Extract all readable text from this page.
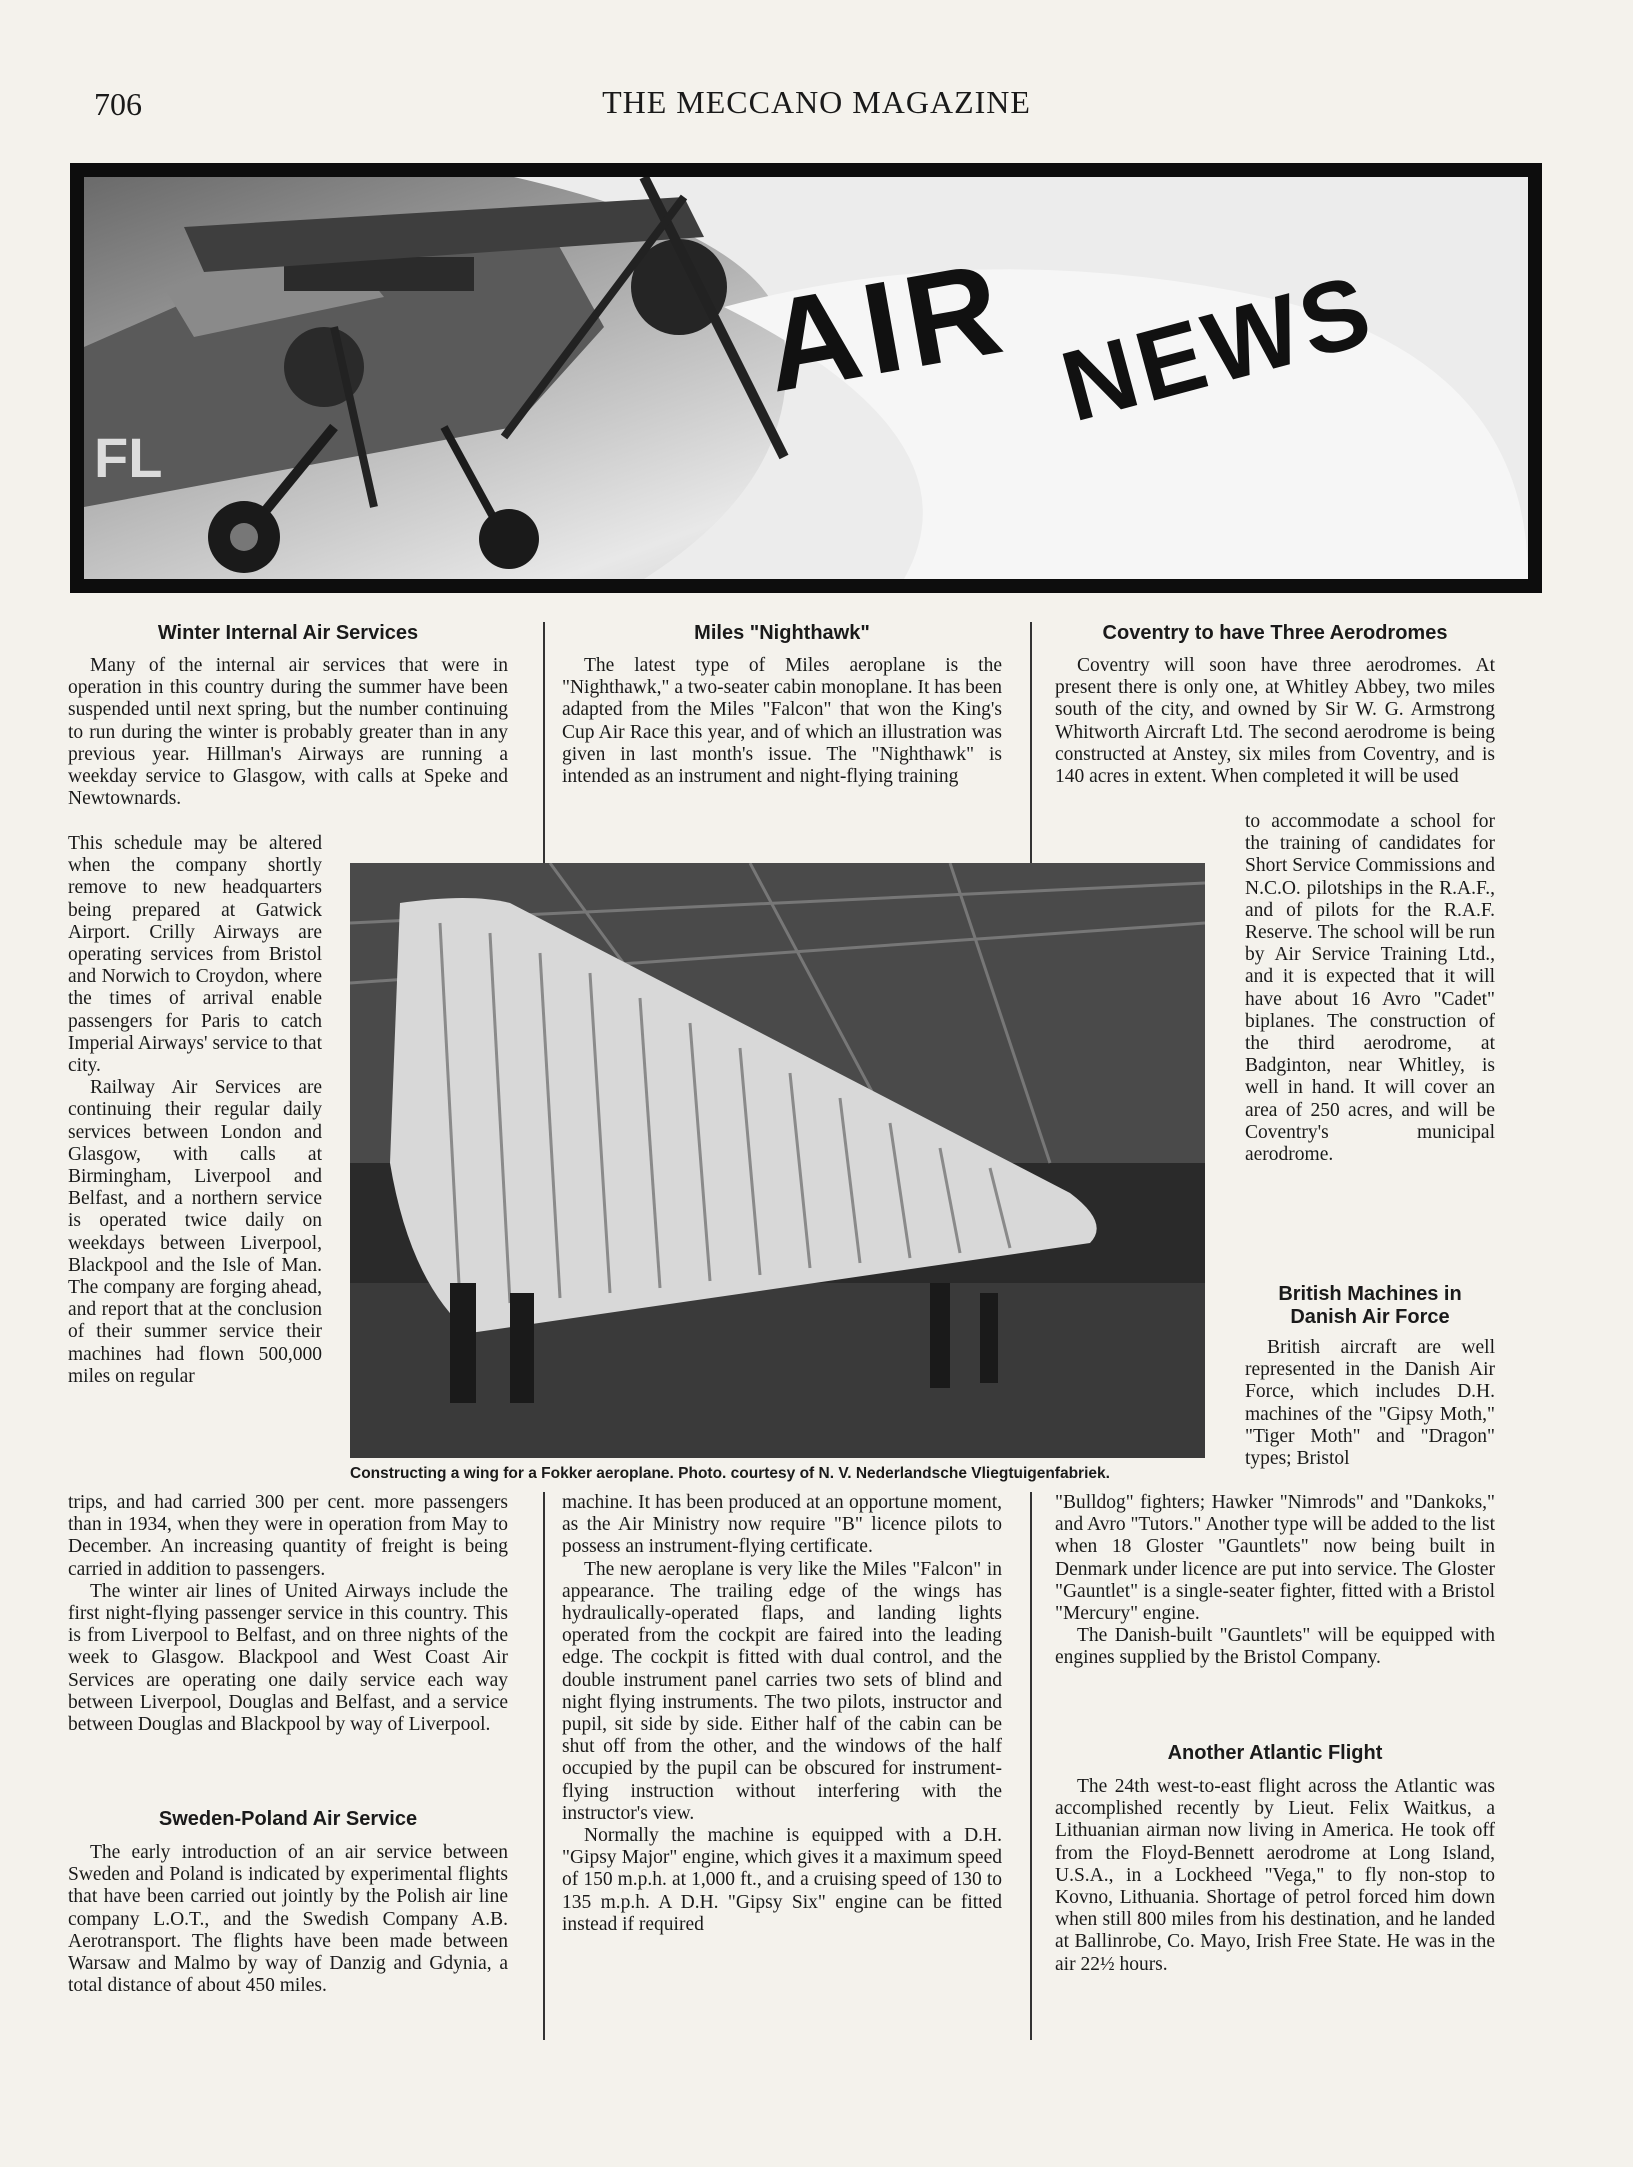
706	THE MECCANO MAGAZINE
FL
AIR NEWS
Winter Internal Air Services

Many of the internal air services that were in operation in this country during the summer have been suspended until next spring, but the number continuing to run during the winter is probably greater than in any previous year. Hillman's Airways are running a weekday service to Glasgow, with calls at Speke and Newtownards.

This schedule may be altered when the company shortly remove to new headquarters being prepared at Gatwick Airport. Crilly Airways are operating services from Bristol and Norwich to Croydon, where the times of arrival enable passengers for Paris to catch Imperial Airways' service to that city.

Railway Air Services are continuing their regular daily services between London and Glasgow, with calls at Birmingham, Liverpool and Belfast, and a northern service is operated twice daily on weekdays between Liverpool, Blackpool and the Isle of Man. The company are forging ahead, and report that at the conclusion of their summer service their machines had flown 500,000 miles on regular

trips, and had carried 300 per cent. more passengers than in 1934, when they were in operation from May to December. An increasing quantity of freight is being carried in addition to passengers.

The winter air lines of United Airways include the first night-flying passenger service in this country. This is from Liverpool to Belfast, and on three nights of the week to Glasgow. Blackpool and West Coast Air Services are operating one daily service each way between Liverpool, Douglas and Belfast, and a service between Douglas and Blackpool by way of Liverpool.

Sweden-Poland Air Service

The early introduction of an air service between Sweden and Poland is indicated by experimental flights that have been carried out jointly by the Polish air line company L.O.T., and the Swedish Company A.B. Aerotransport. The flights have been made between Warsaw and Malmo by way of Danzig and Gdynia, a total distance of about 450 miles.

Miles "Nighthawk"

The latest type of Miles aeroplane is the "Nighthawk," a two-seater cabin monoplane. It has been adapted from the Miles "Falcon" that won the King's Cup Air Race this year, and of which an illustration was given in last month's issue. The "Nighthawk" is intended as an instrument and night-flying training

machine. It has been produced at an opportune moment, as the Air Ministry now require "B" licence pilots to possess an instrument-flying certificate.

The new aeroplane is very like the Miles "Falcon" in appearance. The trailing edge of the wings has hydraulically-operated flaps, and landing lights operated from the cockpit are faired into the leading edge. The cockpit is fitted with dual control, and the double instrument panel carries two sets of blind and night flying instruments. The two pilots, instructor and pupil, sit side by side. Either half of the cabin can be shut off from the other, and the windows of the half occupied by the pupil can be obscured for instrument-flying instruction without interfering with the instructor's view.

Normally the machine is equipped with a D.H. "Gipsy Major" engine, which gives it a maximum speed of 150 m.p.h. at 1,000 ft., and a cruising speed of 130 to 135 m.p.h. A D.H. "Gipsy Six" engine can be fitted instead if required

Coventry to have Three Aerodromes

Coventry will soon have three aerodromes. At present there is only one, at Whitley Abbey, two miles south of the city, and owned by Sir W. G. Armstrong Whitworth Aircraft Ltd. The second aerodrome is being constructed at Anstey, six miles from Coventry, and is 140 acres in extent. When completed it will be used

to accommodate a school for the training of candidates for Short Service Commissions and N.C.O. pilotships in the R.A.F., and of pilots for the R.A.F. Reserve. The school will be run by Air Service Training Ltd., and it is expected that it will have about 16 Avro "Cadet" biplanes. The construction of the third aerodrome, at Badginton, near Whitley, is well in hand. It will cover an area of 250 acres, and will be Coventry's municipal aerodrome.

British Machines in Danish Air Force

British aircraft are well represented in the Danish Air Force, which includes D.H. machines of the "Gipsy Moth," "Tiger Moth" and "Dragon" types; Bristol

"Bulldog" fighters; Hawker "Nimrods" and "Dankoks," and Avro "Tutors." Another type will be added to the list when 18 Gloster "Gauntlets" now being built in Denmark under licence are put into service. The Gloster "Gauntlet" is a single-seater fighter, fitted with a Bristol "Mercury" engine.

The Danish-built "Gauntlets" will be equipped with engines supplied by the Bristol Company.

Another Atlantic Flight

The 24th west-to-east flight across the Atlantic was accomplished recently by Lieut. Felix Waitkus, a Lithuanian airman now living in America. He took off from the Floyd-Bennett aerodrome at Long Island, U.S.A., in a Lockheed "Vega," to fly non-stop to Kovno, Lithuania. Shortage of petrol forced him down when still 800 miles from his destination, and he landed at Ballinrobe, Co. Mayo, Irish Free State. He was in the air 22½ hours.

Constructing a wing for a Fokker aeroplane. Photo. courtesy of N. V. Nederlandsche Vliegtuigenfabriek.
